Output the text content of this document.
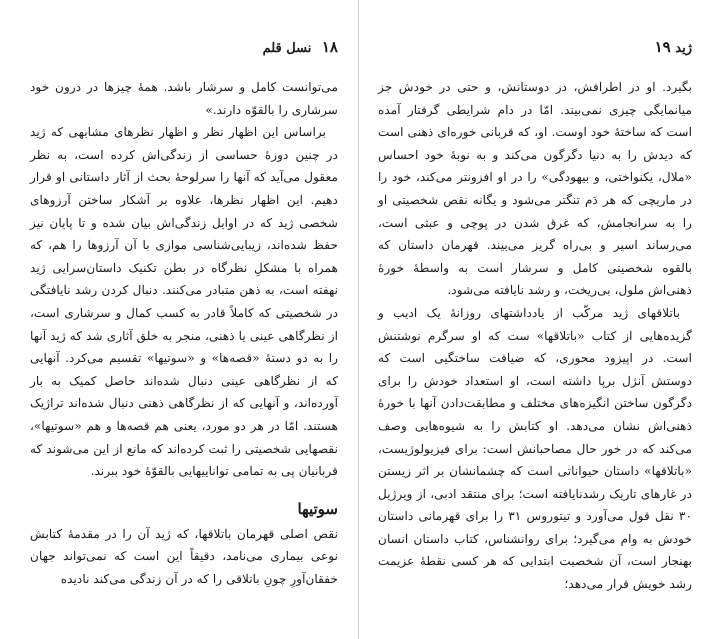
۱۸ نسل قلم

می‌توانست کامل و سرشار باشد. همهٔ چیزها در درون خود سرشاری را بالقوّه دارند.»

براساس این اظهار نظر و اظهار نظرهای مشابهی که ژید در چنین دورهٔ حساسی از زندگی‌اش کرده است، به نظر معقول می‌آید که آنها را سرلوحهٔ بحث از آثار داستانی او قرار دهیم. این اظهار نظرها، علاوه بر آشکار ساختن آرزوهای شخصی ژید که در اوایل زندگی‌اش بیان شده و تا پایان نیز حفظ شده‌اند، زیبایی‌شناسی موازی با آن آرزوها را هم، که همراه با مشکلِ نظرگاه در بطن تکنیک داستان‌سرایی ژید نهفته است، به ذهن متبادر می‌کنند. دنبال کردن رشد نایافتگی در شخصیتی که کاملاً قادر به کسب کمال و سرشاری است، از نظرگاهی عینی یا ذهنی، منجر به خلق آثاری شد که ژید آنها را به دو دستهٔ «قصه‌ها» و «سوتیها» تقسیم می‌کرد. آنهایی که از نظرگاهی عینی دنبال شده‌اند حاصل کمیک به بار آورده‌اند، و آنهایی که از نظرگاهی ذهنی دنبال شده‌اند تراژیک هستند. امّا در هر دو مورد، یعنی هم قصه‌ها و هم «سوتیها»، نقصهایی شخصیتی را ثبت کرده‌اند که مانع از این می‌شوند که قربانیان پی به تمامی تواناییهایی بالقوّهٔ خود ببرند.

سوتیها

نقص اصلی قهرمان باتلاقها، که ژید آن را در مقدمهٔ کتابش نوعی بیماری می‌نامد، دقیقاً این است که نمی‌تواند جهان خفقان‌آورِ چونِ باتلاقی را که در آن زندگی می‌کند نادیده

ژید ۱۹

بگیرد. او در اطرافش، در دوستانش، و حتی در خودش جز میانمایگی چیزی نمی‌بیند. امّا در دام شرایطی گرفتار آمده است که ساختهٔ خود اوست. او، که قربانی خوره‌ای ذهنی است که دیدش را به دنیا دگرگون می‌کند و به نوبهٔ خود احساس «ملال، یکنواختی، و بیهودگی» را در او افزونتر می‌کند، خود را در ماریچی که هر دَم تنگتر می‌شود و یگانه نقص شخصیتی او را به سرانجامش، که غرق شدن در پوچی و عبثی است، می‌رساند اسیر و بی‌راه گریز می‌بیند. قهرمان داستان که بالقوه شخصیتی کامل و سرشار است به واسطهٔ خورهٔ ذهنی‌اش ملول، بی‌ریخت، و رشد نایافته می‌شود.

باتلاقهای ژید مرکّب از یادداشتهای روزانهٔ یک ادیب و گزیده‌هایی از کتاب «باتلاقها» ست که او سرگرم نوشتنش است. در اپیزود محوری، که ضیافت ساختگیی است که دوستش آنژل برپا داشته است، او استعداد خودش را برای دگرگون ساختن انگیزه‌های مختلف و مطابقت‌دادن آنها با خورهٔ ذهنی‌اش نشان می‌دهد. او کتابش را به شیوه‌هایی وصف می‌کند که در خور حال مصاحبانش است: برای فیزیولوژیست، «باتلاقها» داستان حیواناتی است که چشمانشان بر اثر زیستن در غارهای تاریک رشدنایافته است؛ برای منتقد ادبی، از ویرژیل ۳۰ نقل قول می‌آورد و تیتوروس ۳۱ را برای قهرمانی داستان خودش به وام می‌گیرد؛ برای روانشناس، کتاب داستان انسان بهنجار است، آن شخصیت ابتدایی که هر کسی نقطهٔ عزیمت رشد خویش قرار می‌دهد؛
